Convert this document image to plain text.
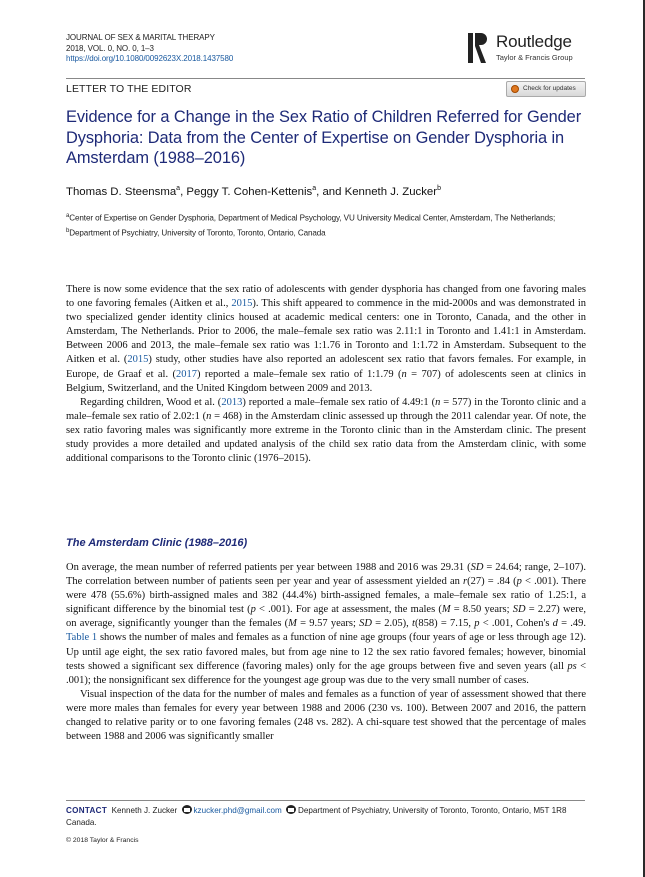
JOURNAL OF SEX & MARITAL THERAPY
2018, VOL. 0, NO. 0, 1–3
https://doi.org/10.1080/0092623X.2018.1437580
Routledge
Taylor & Francis Group
LETTER TO THE EDITOR	Check for updates
Evidence for a Change in the Sex Ratio of Children Referred for Gender Dysphoria: Data from the Center of Expertise on Gender Dysphoria in Amsterdam (1988–2016)
Thomas D. Steensma$^a$, Peggy T. Cohen-Kettenis$^a$, and Kenneth J. Zucker$^b$
$^a$Center of Expertise on Gender Dysphoria, Department of Medical Psychology, VU University Medical Center, Amsterdam, The Netherlands; $^b$Department of Psychiatry, University of Toronto, Toronto, Ontario, Canada

There is now some evidence that the sex ratio of adolescents with gender dysphoria has changed from one favoring males to one favoring females (Aitken et al., 2015). This shift appeared to commence in the mid-2000s and was demonstrated in two specialized gender identity clinics housed at academic medical centers: one in Toronto, Canada, and the other in Amsterdam, The Netherlands. Prior to 2006, the male–female sex ratio was 2.11:1 in Toronto and 1.41:1 in Amsterdam. Between 2006 and 2013, the male–female sex ratio was 1:1.76 in Toronto and 1:1.72 in Amsterdam. Subsequent to the Aitken et al. (2015) study, other studies have also reported an adolescent sex ratio that favors females. For example, in Europe, de Graaf et al. (2017) reported a male–female sex ratio of 1:1.79 (n = 707) of adolescents seen at clinics in Belgium, Switzerland, and the United Kingdom between 2009 and 2013.

Regarding children, Wood et al. (2013) reported a male–female sex ratio of 4.49:1 (n = 577) in the Toronto clinic and a male–female sex ratio of 2.02:1 (n = 468) in the Amsterdam clinic assessed up through the 2011 calendar year. Of note, the sex ratio favoring males was significantly more extreme in the Toronto clinic than in the Amsterdam clinic. The present study provides a more detailed and updated analysis of the child sex ratio data from the Amsterdam clinic, with some additional comparisons to the Toronto clinic (1976–2015).

The Amsterdam Clinic (1988–2016)

On average, the mean number of referred patients per year between 1988 and 2016 was 29.31 (SD = 24.64; range, 2–107). The correlation between number of patients seen per year and year of assessment yielded an r(27) = .84 (p < .001). There were 478 (55.6%) birth-assigned males and 382 (44.4%) birth-assigned females, a male–female sex ratio of 1.25:1, a significant difference by the binomial test (p < .001). For age at assessment, the males (M = 8.50 years; SD = 2.27) were, on average, significantly younger than the females (M = 9.57 years; SD = 2.05), t(858) = 7.15, p < .001, Cohen's d = .49. Table 1 shows the number of males and females as a function of nine age groups (four years of age or less through age 12). Up until age eight, the sex ratio favored males, but from age nine to 12 the sex ratio favored females; however, binomial tests showed a significant sex difference (favoring males) only for the age groups between five and seven years (all ps < .001); the nonsignificant sex difference for the youngest age group was due to the very small number of cases.

Visual inspection of the data for the number of males and females as a function of year of assessment showed that there were more males than females for every year between 1988 and 2006 (230 vs. 100). Between 2007 and 2016, the pattern changed to relative parity or to one favoring females (248 vs. 282). A chi-square test showed that the percentage of males between 1988 and 2006 was significantly smaller

CONTACT Kenneth J. Zucker kzucker.phd@gmail.com Department of Psychiatry, University of Toronto, Toronto, Ontario, M5T 1R8 Canada.
© 2018 Taylor & Francis
